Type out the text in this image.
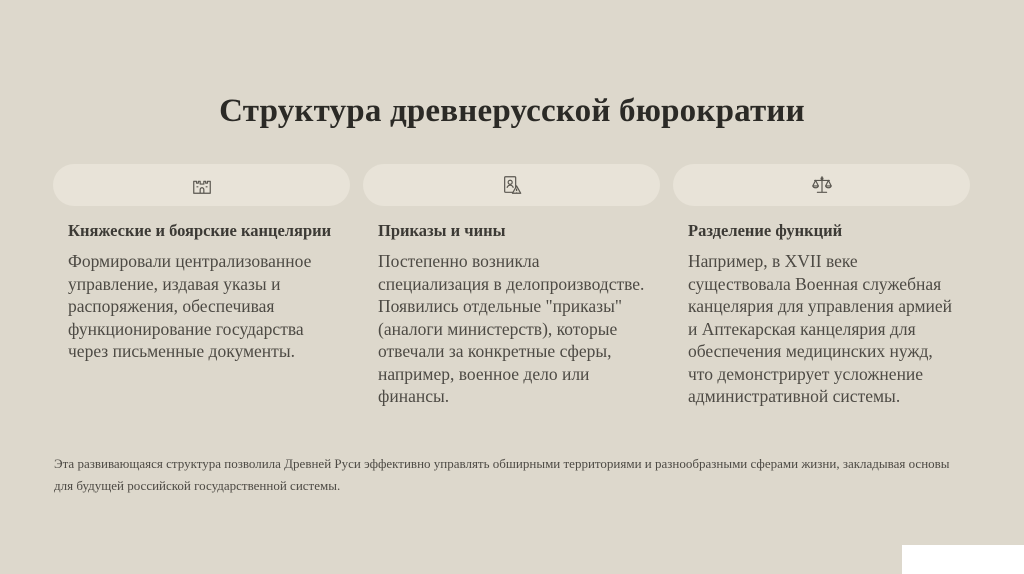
Структура древнерусской бюрократии
Княжеские и боярские канцелярии
Формировали централизованное управление, издавая указы и распоряжения, обеспечивая функционирование государства через письменные документы.
Приказы и чины
Постепенно возникла специализация в делопроизводстве. Появились отдельные "приказы" (аналоги министерств), которые отвечали за конкретные сферы, например, военное дело или финансы.
Разделение функций
Например, в XVII веке существовала Военная служебная канцелярия для управления армией и Аптекарская канцелярия для обеспечения медицинских нужд, что демонстрирует усложнение административной системы.
Эта развивающаяся структура позволила Древней Руси эффективно управлять обширными территориями и разнообразными сферами жизни, закладывая основы для будущей российской государственной системы.
